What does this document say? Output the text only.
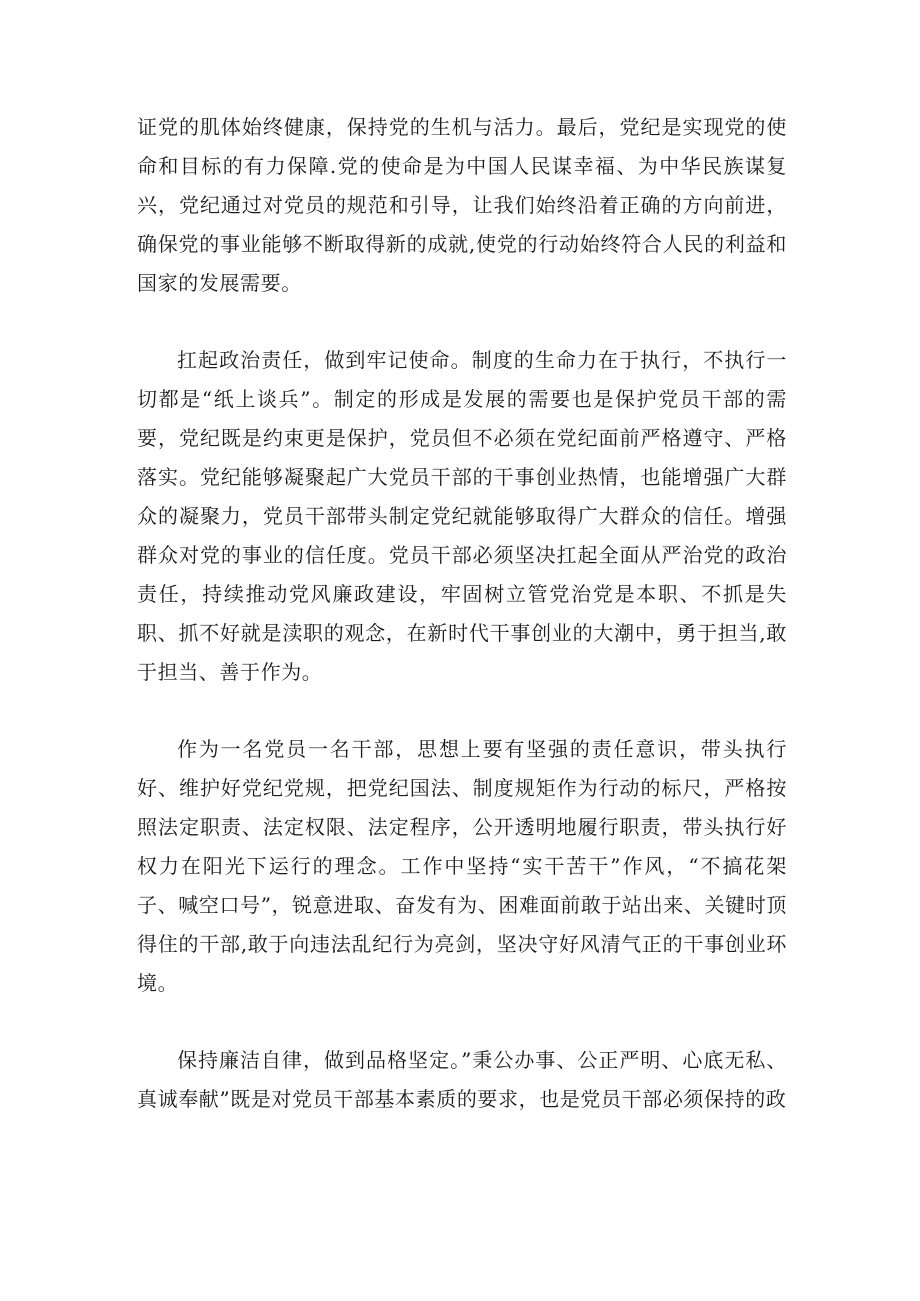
证党的肌体始终健康，保持党的生机与活力。最后，党纪是实现党的使命和目标的有力保障.党的使命是为中国人民谋幸福、为中华民族谋复兴，党纪通过对党员的规范和引导，让我们始终沿着正确的方向前进，确保党的事业能够不断取得新的成就,使党的行动始终符合人民的利益和国家的发展需要。

扛起政治责任，做到牢记使命。制度的生命力在于执行，不执行一切都是“纸上谈兵”。制定的形成是发展的需要也是保护党员干部的需要，党纪既是约束更是保护，党员但不必须在党纪面前严格遵守、严格落实。党纪能够凝聚起广大党员干部的干事创业热情，也能增强广大群众的凝聚力，党员干部带头制定党纪就能够取得广大群众的信任。增强群众对党的事业的信任度。党员干部必须坚决扛起全面从严治党的政治责任，持续推动党风廉政建设，牢固树立管党治党是本职、不抓是失职、抓不好就是渎职的观念，在新时代干事创业的大潮中，勇于担当,敢于担当、善于作为。

作为一名党员一名干部，思想上要有坚强的责任意识，带头执行好、维护好党纪党规，把党纪国法、制度规矩作为行动的标尺，严格按照法定职责、法定权限、法定程序，公开透明地履行职责，带头执行好权力在阳光下运行的理念。工作中坚持“实干苦干”作风，“不搞花架子、喊空口号”，锐意进取、奋发有为、困难面前敢于站出来、关键时顶得住的干部,敢于向违法乱纪行为亮剑，坚决守好风清气正的干事创业环境。

保持廉洁自律，做到品格坚定。”秉公办事、公正严明、心底无私、真诚奉献”既是对党员干部基本素质的要求，也是党员干部必须保持的政
